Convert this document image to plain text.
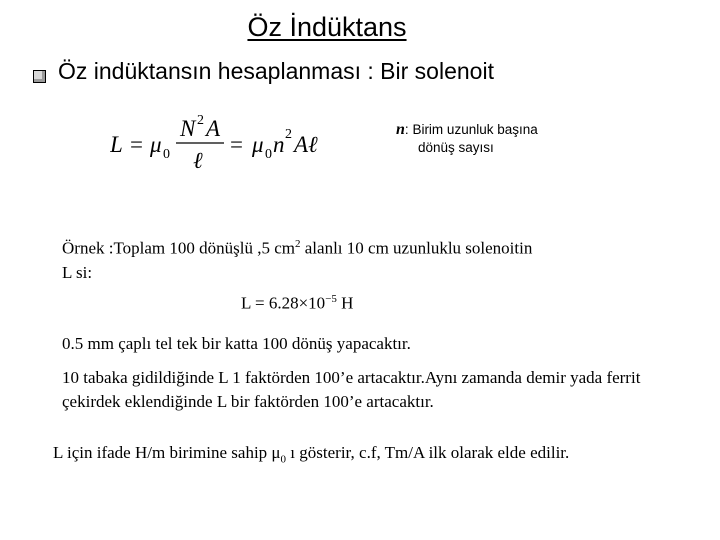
Öz İndüktans
Öz indüktansın hesaplanması : Bir solenoit
L = μ 0
N 2 A
ℓ
= μ 0 n 2 Aℓ
n: Birim uzunluk başına
dönüş sayısı
Örnek :Toplam 100 dönüşlü ,5 $cm^2$ alanlı 10 cm uzunluklu solenoitin
L si:
$L = 6.28\times 10^{-5}$ H
0.5 mm çaplı tel tek bir katta 100 dönüş yapacaktır.
10 tabaka gidildiğinde L 1 faktörden 100’e artacaktır.Aynı zamanda demir yada ferrit çekirdek eklendiğinde L bir faktörden 100’e artacaktır.
L için ifade H/m birimine sahip $\mu_0$ ı gösterir, c.f, Tm/A ilk olarak elde edilir.
